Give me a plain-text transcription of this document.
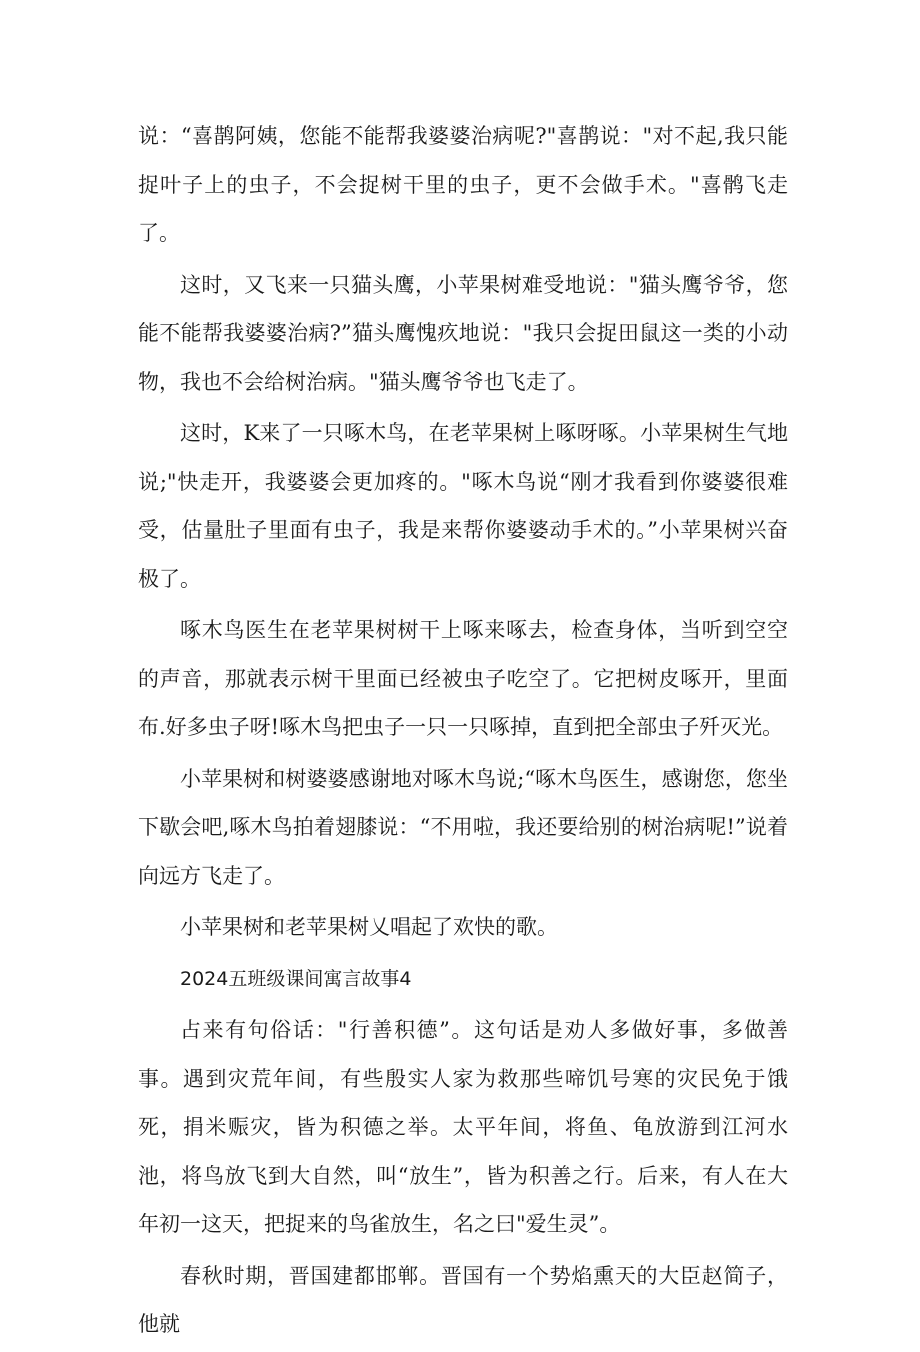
说：“喜鹊阿姨，您能不能帮我婆婆治病呢?"喜鹊说："对不起,我只能捉叶子上的虫子，不会捉树干里的虫子，更不会做手术。"喜鹘飞走了。

这时，又飞来一只猫头鹰，小苹果树难受地说："猫头鹰爷爷，您能不能帮我婆婆治病?”猫头鹰愧疚地说："我只会捉田鼠这一类的小动物，我也不会给树治病。"猫头鹰爷爷也飞走了。

这时，K来了一只啄木鸟，在老苹果树上啄呀啄。小苹果树生气地说;"快走开，我婆婆会更加疼的。"啄木鸟说“刚才我看到你婆婆很难受，估量肚子里面有虫子，我是来帮你婆婆动手术的。”小苹果树兴奋极了。

啄木鸟医生在老苹果树树干上啄来啄去，检查身体，当听到空空的声音，那就表示树干里面已经被虫子吃空了。它把树皮啄开，里面布.好多虫子呀!啄木鸟把虫子一只一只啄掉，直到把全部虫子歼灭光。

小苹果树和树婆婆感谢地对啄木鸟说;“啄木鸟医生，感谢您，您坐下歇会吧,啄木鸟拍着翅膝说：“不用啦，我还要给别的树治病呢!”说着向远方飞走了。

小苹果树和老苹果树乂唱起了欢快的歌。

2024五班级课间寓言故事4

占来有句俗话："行善积德”。这句话是劝人多做好事，多做善事。遇到灾荒年间，有些殷实人家为救那些啼饥号寒的灾民免于饿死，捐米赈灾，皆为积德之举。太平年间，将鱼、龟放游到江河水池，将鸟放飞到大自然，叫“放生”，皆为积善之行。后来，有人在大年初一这天，把捉来的鸟雀放生，名之曰"爱生灵”。

春秋时期，晋国建都邯郸。晋国有一个势焰熏天的大臣赵简子，他就
